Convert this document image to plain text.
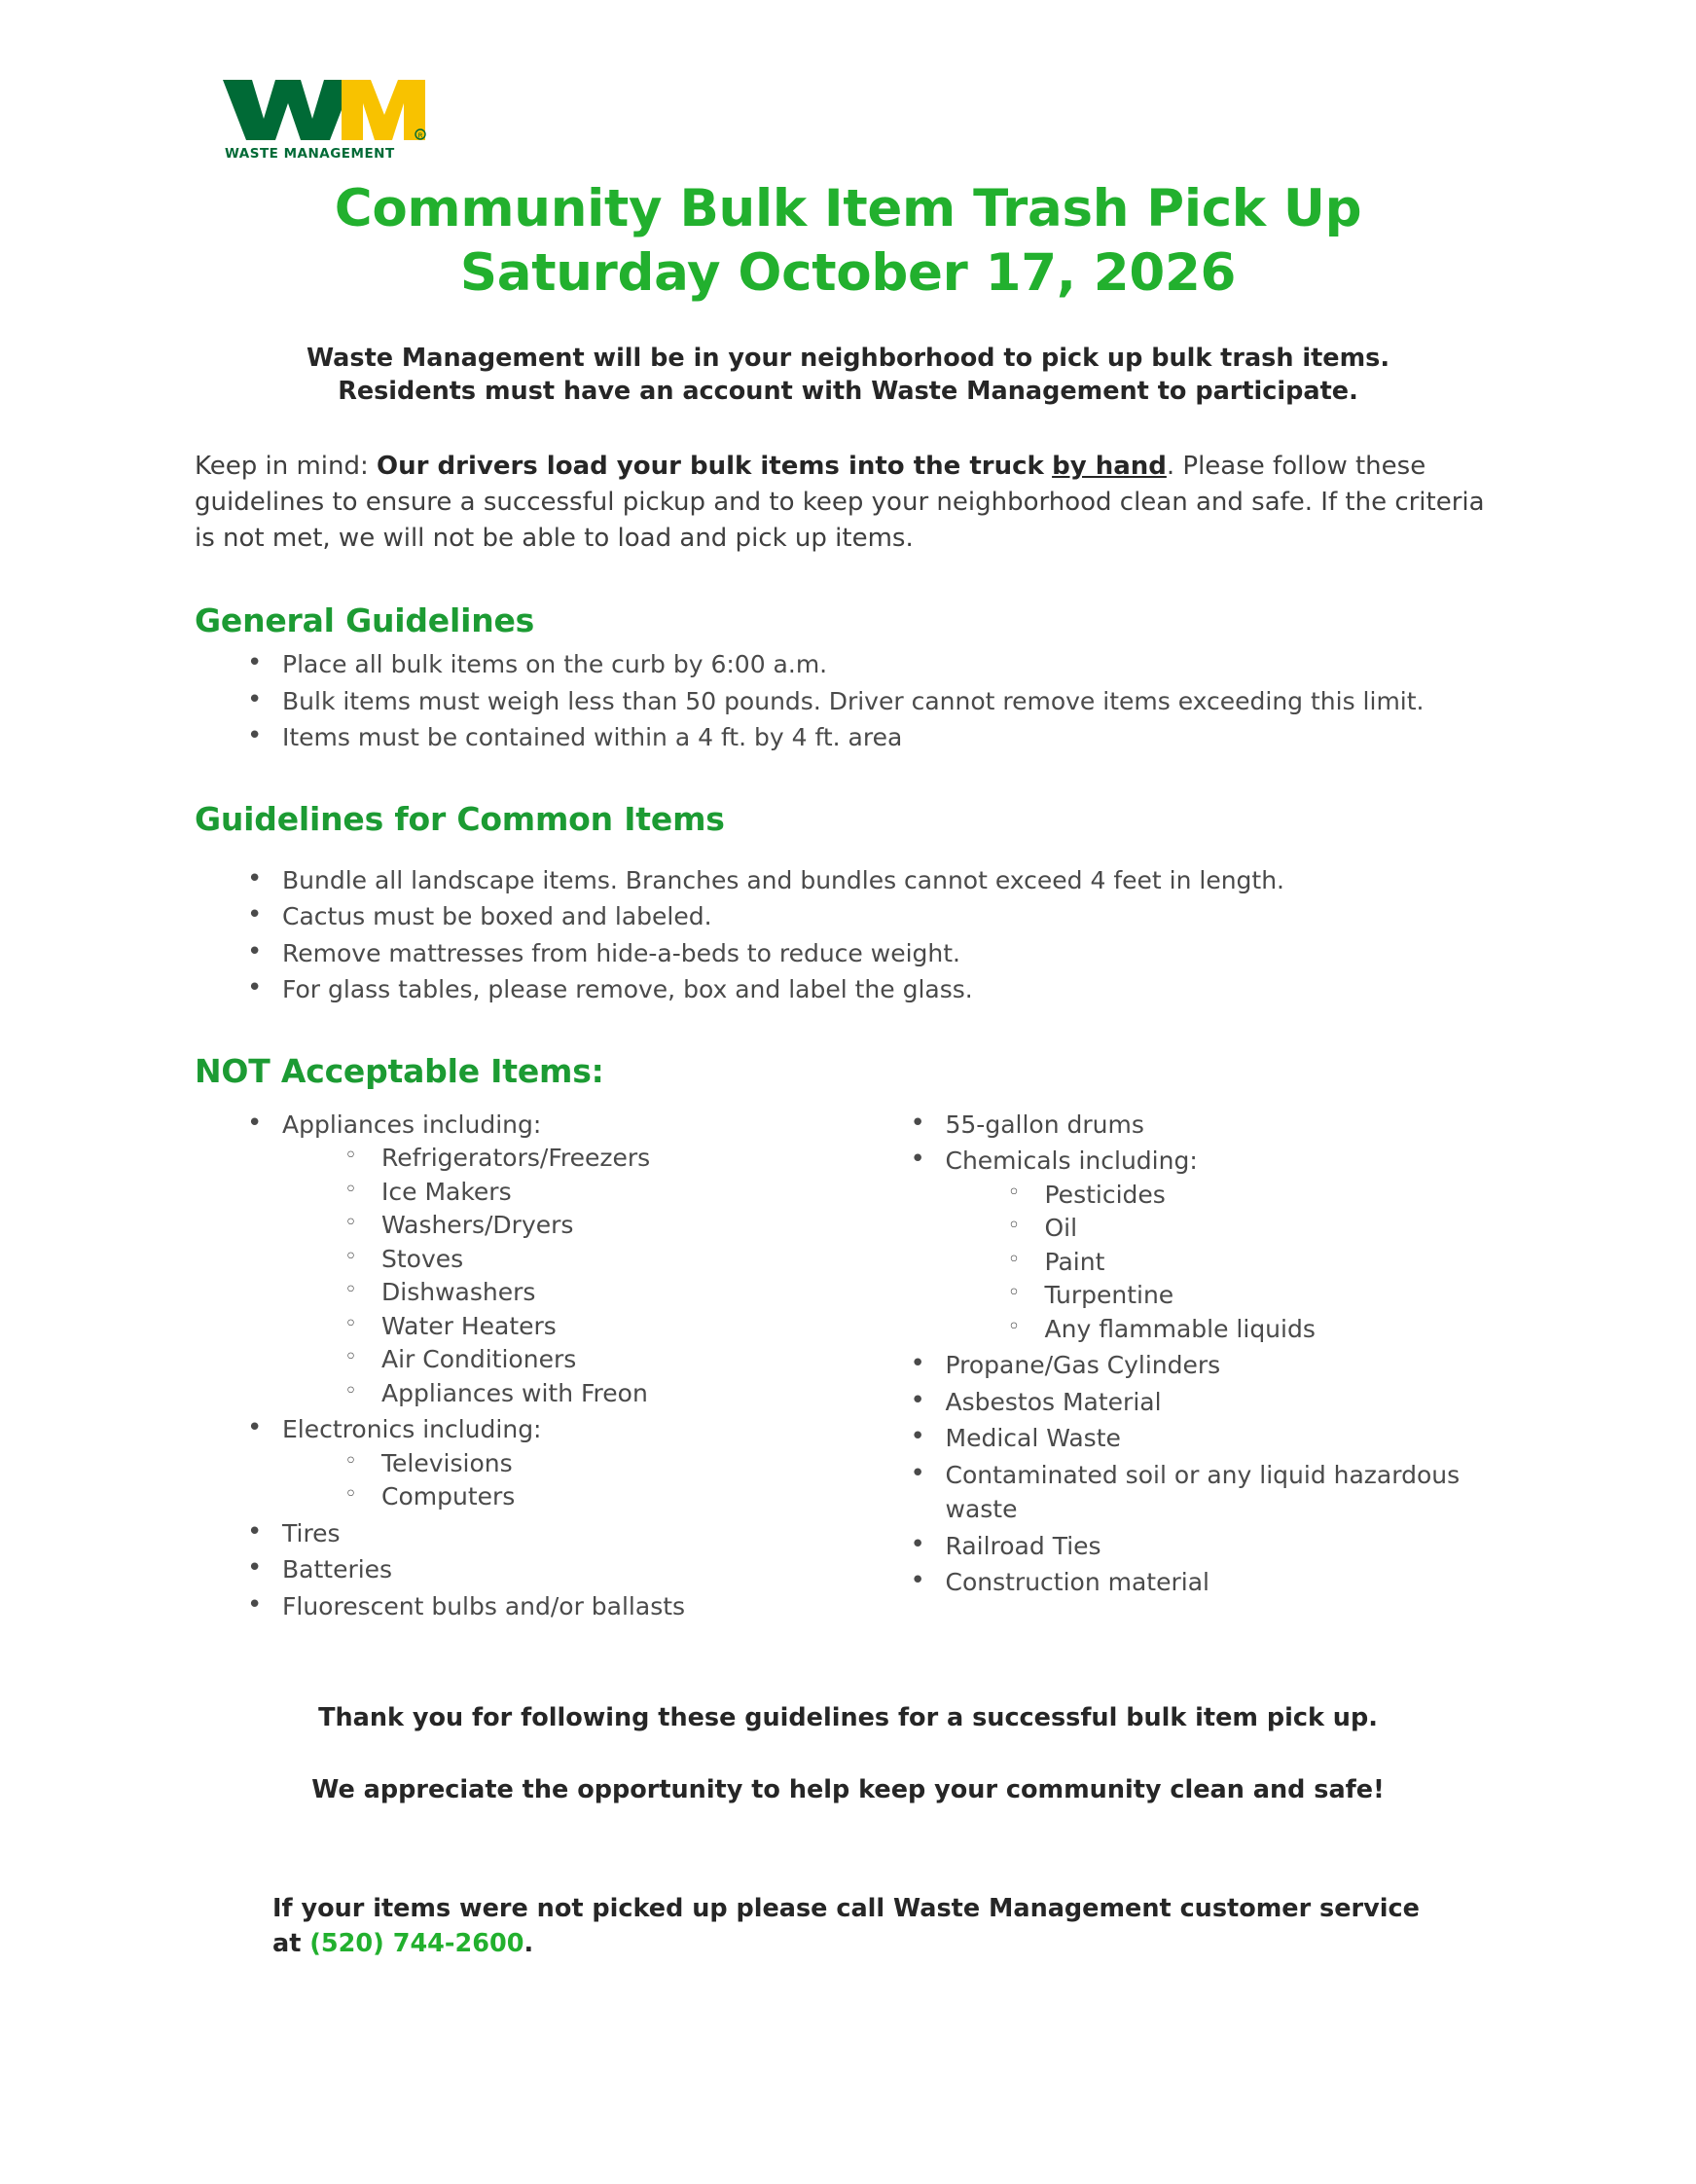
R
WASTE MANAGEMENT
Community Bulk Item Trash Pick Up
Saturday October 17, 2026

Waste Management will be in your neighborhood to pick up bulk trash items.
Residents must have an account with Waste Management to participate.

Keep in mind: Our drivers load your bulk items into the truck by hand. Please follow these guidelines to ensure a successful pickup and to keep your neighborhood clean and safe. If the criteria is not met, we will not be able to load and pick up items.

General Guidelines
• Place all bulk items on the curb by 6:00 a.m.
• Bulk items must weigh less than 50 pounds. Driver cannot remove items exceeding this limit.
• Items must be contained within a 4 ft. by 4 ft. area
Guidelines for Common Items
• Bundle all landscape items. Branches and bundles cannot exceed 4 feet in length.
• Cactus must be boxed and labeled.
• Remove mattresses from hide-a-beds to reduce weight.
• For glass tables, please remove, box and label the glass.
NOT Acceptable Items:
• Appliances including:
◦ Refrigerators/Freezers
◦ Ice Makers
◦ Washers/Dryers
◦ Stoves
◦ Dishwashers
◦ Water Heaters
◦ Air Conditioners
◦ Appliances with Freon
• Electronics including:
◦ Televisions
◦ Computers
• Tires
• Batteries
• Fluorescent bulbs and/or ballasts
• 55-gallon drums
• Chemicals including:
◦ Pesticides
◦ Oil
◦ Paint
◦ Turpentine
◦ Any flammable liquids
• Propane/Gas Cylinders
• Asbestos Material
• Medical Waste
• Contaminated soil or any liquid hazardous waste
• Railroad Ties
• Construction material

Thank you for following these guidelines for a successful bulk item pick up.

We appreciate the opportunity to help keep your community clean and safe!

If your items were not picked up please call Waste Management customer service at (520) 744-2600.
